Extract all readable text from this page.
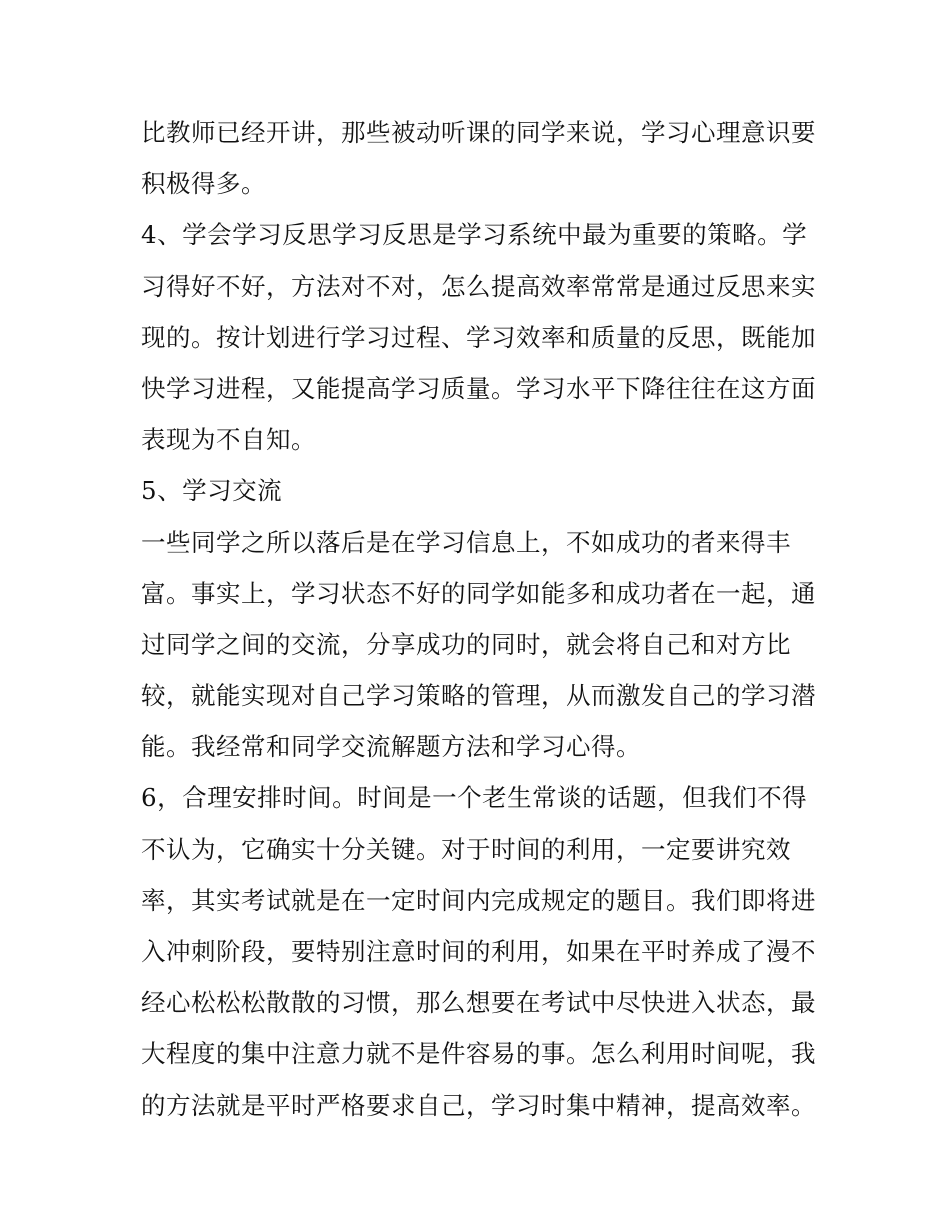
比教师已经开讲，那些被动听课的同学来说，学习心理意识要
积极得多。
4、学会学习反思学习反思是学习系统中最为重要的策略。学
习得好不好，方法对不对，怎么提高效率常常是通过反思来实
现的。按计划进行学习过程、学习效率和质量的反思，既能加
快学习进程，又能提高学习质量。学习水平下降往往在这方面
表现为不自知。
5、学习交流
一些同学之所以落后是在学习信息上，不如成功的者来得丰
富。事实上，学习状态不好的同学如能多和成功者在一起，通
过同学之间的交流，分享成功的同时，就会将自己和对方比
较，就能实现对自己学习策略的管理，从而激发自己的学习潜
能。我经常和同学交流解题方法和学习心得。
6，合理安排时间。时间是一个老生常谈的话题，但我们不得
不认为，它确实十分关键。对于时间的利用，一定要讲究效
率，其实考试就是在一定时间内完成规定的题目。我们即将进
入冲刺阶段，要特别注意时间的利用，如果在平时养成了漫不
经心松松松散散的习惯，那么想要在考试中尽快进入状态，最
大程度的集中注意力就不是件容易的事。怎么利用时间呢，我
的方法就是平时严格要求自己，学习时集中精神，提高效率。
